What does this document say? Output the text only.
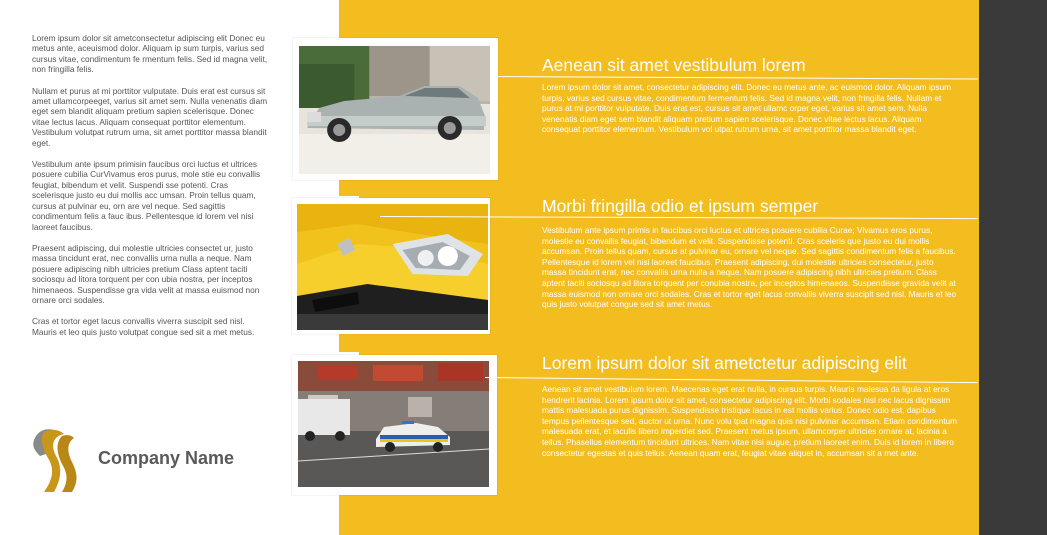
Lorem ipsum dolor sit ametconsectetur adipiscing elit Donec eu metus ante, aceuismod dolor. Aliquam ip sum turpis, varius sed cursus vitae, condimentum fe rmentum felis. Sed id magna velit, non fringilla felis.

Nullam et purus at mi porttitor vulputate. Duis erat est cursus sit amet ullamcorpeeget, varius sit amet sem. Nulla venenatis diam eget sem blandit aliquam pretium sapien scelerisque. Donec vitae lectus lacus. Aliquam consequat porttitor elementum. Vestibulum volutpat rutrum urna, sit amet porttitor massa blandit eget.

Vestibulum ante ipsum primisin faucibus orci luctus et ultrices posuere cubilia CurVivamus eros purus, mole stie eu convallis feugiat, bibendum et velit. Suspendi sse potenti. Cras scelerisque justo eu dui mollis acc umsan. Proin tellus quam, cursus at pulvinar eu, orn are vel neque. Sed sagittis condimentum felis a fauc ibus. Pellentesque id lorem vel nisi laoreet faucibus.

Praesent adipiscing, dui molestie ultricies consectet ur, justo massa tincidunt erat, nec convallis urna nulla a neque. Nam posuere adipiscing nibh ultricies pretium Class aptent taciti sociosqu ad litora torquent per con ubia nostra, per inceptos himenaeos. Suspendisse gra vida velit at massa euismod non ornare orci sodales.

Cras et tortor eget lacus convallis viverra suscipit sed nisl. Mauris et leo quis justo volutpat congue sed sit a met metus.

Aenean sit amet vestibulum lorem
Lorem ipsum dolor sit amet, consectetur adipiscing elit. Donec eu metus ante, ac euismod dolor. Aliquam ipsum turpis, varius sed cursus vitae, condimentum fermentum felis. Sed id magna velit, non fringilla felis. Nullam et purus at mi porttitor vulputate. Duis erat est, cursus sit amet ullamc orper eget, varius sit amet sem. Nulla venenatis diam eget sem blandit aliquam pretium sapien scelerisque. Donec vitae lectus lacus. Aliquam consequat porttitor elementum. Vestibulum vol utpat rutrum urna, sit amet porttitor massa blandit eget.
Morbi fringilla odio et ipsum semper
Vestibulum ante ipsum primis in faucibus orci luctus et ultrices posuere cubilia Curae; Vivamus eros purus, molestie eu convallis feugiat, bibendum et velit. Suspendisse potenti. Cras sceleris que justo eu dui mollis accumsan. Proin tellus quam, cursus at pulvinar eu, ornare vel neque. Sed sagittis condimentum felis a faucibus. Pellentesque id lorem vel nisi laoreet faucibus. Praesent adipiscing, dui molestie ultricies consectetur, justo massa tincidunt erat, nec convallis urna nulla a neque. Nam posuere adipiscing nibh ultricies pretium. Class aptent taciti sociosqu ad litora torquent per conubia nostra, per inceptos himenaeos. Suspendisse gravida velit at massa euismod non ornare orci sodales. Cras et tortor eget lacus convallis viverra suscipit sed nisl. Mauris et leo quis justo volutpat congue sed sit amet metus.
Lorem ipsum dolor sit ametctetur adipiscing elit
Aenean sit amet vestibulum lorem. Maecenas eget erat nulla, in cursus turpis. Mauris malesua da ligula at eros hendrerit lacinia. Lorem ipsum dolor sit amet, consectetur adipiscing elit. Morbi sodales nisl nec lacus dignissim mattis malesuada purus dignissim. Suspendisse tristique lacus in est mollis varius. Donec odio est, dapibus tempus pellentesque sed, auctor ut urna. Nunc volu tpat magna quis nisi pulvinar accumsan. Etiam condimentum malesuada erat, et iaculis libero imperdiet sed. Praesent metus ipsum, ullamcorper ultricies ornare at, lacinia a tellus. Phasellus elementum tincidunt ultrices. Nam vitae nisi augue, pretium laoreet enim. Duis id lorem in libero consectetur egestas et quis tellus. Aenean quam erat, feugiat vitae aliquet in, accumsan sit a met ante.
Company Name
